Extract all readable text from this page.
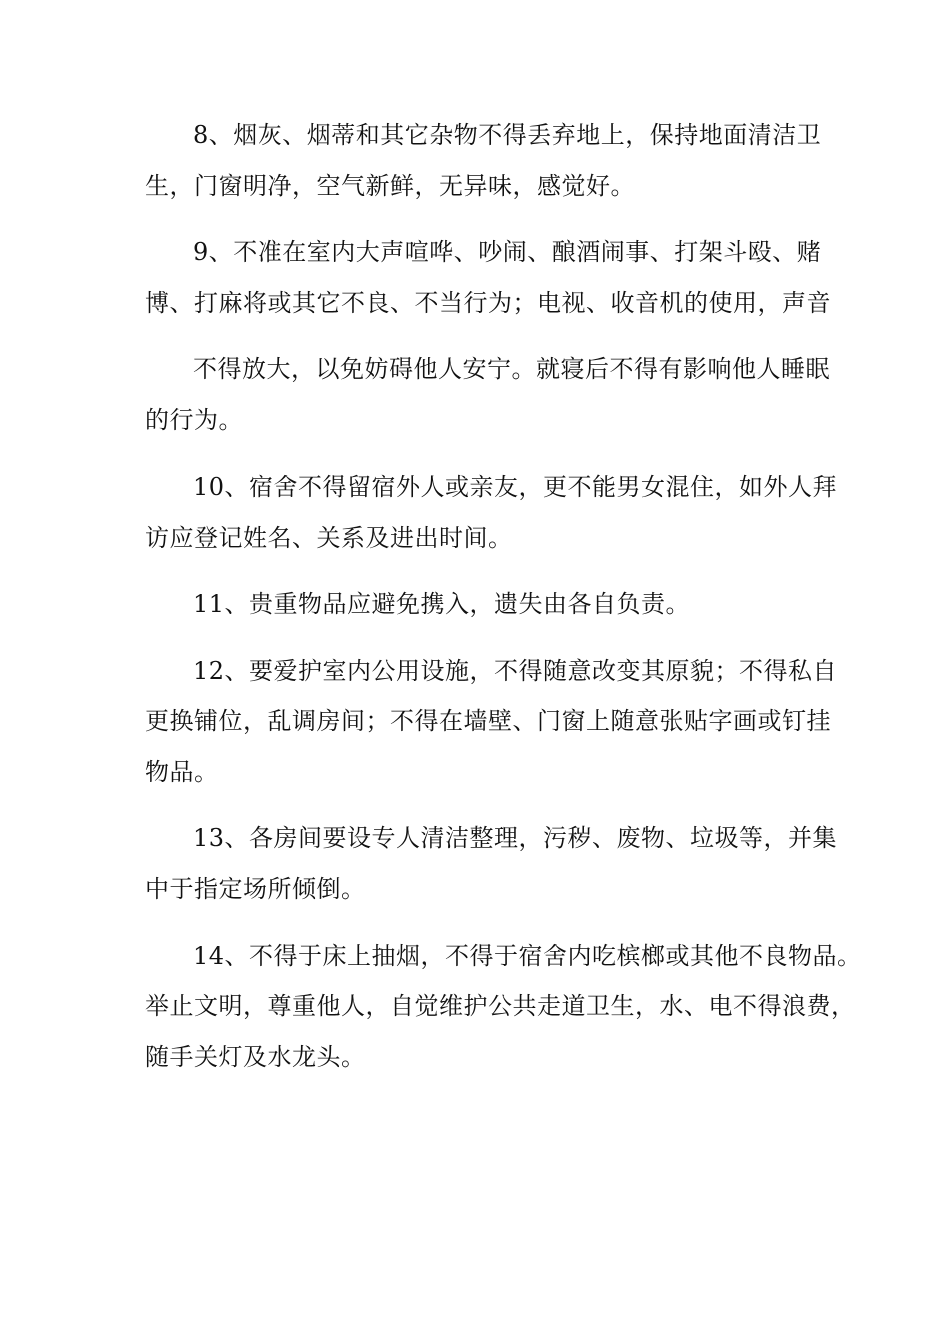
8、烟灰、烟蒂和其它杂物不得丢弃地上，保持地面清洁卫
生，门窗明净，空气新鲜，无异味，感觉好。
9、不准在室内大声喧哗、吵闹、酿酒闹事、打架斗殴、赌
博、打麻将或其它不良、不当行为；电视、收音机的使用，声音
不得放大，以免妨碍他人安宁。就寝后不得有影响他人睡眠
的行为。
10、宿舍不得留宿外人或亲友，更不能男女混住，如外人拜
访应登记姓名、关系及进出时间。
11、贵重物品应避免携入，遗失由各自负责。
12、要爱护室内公用设施，不得随意改变其原貌；不得私自
更换铺位，乱调房间；不得在墙壁、门窗上随意张贴字画或钉挂
物品。
13、各房间要设专人清洁整理，污秽、废物、垃圾等，并集
中于指定场所倾倒。
14、不得于床上抽烟，不得于宿舍内吃槟榔或其他不良物品。
举止文明，尊重他人，自觉维护公共走道卫生，水、电不得浪费，
随手关灯及水龙头。
